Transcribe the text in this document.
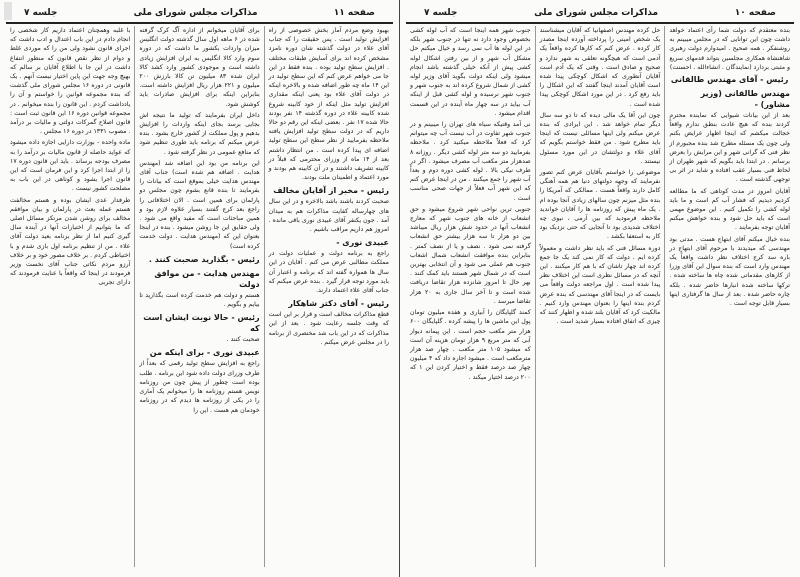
صفحه ۱۱
مذاکرات مجلس شورای ملی
جلسه ۷

بهبود وضع مردم آمار بخش خصوصی از راه افزایش تولید است . پس حقیقت را که جناب آقای علاء در دولت گذشته شان دوره نامزد مشخص کرده اند برای آسایش طبقات مختلف . افزایش سطح تولید بوده . بنده فقط در این جا می خواهم عرض کنم که این سطح تولید در این ۱۴ ماه چه طور اضافه شده و بالاخره اینکه در دولت آقای علاء بود یعنی اینکه مقداری افزایش تولید مثل اینکه از خود کابینه شروع شده کابینه علاء در دوره گذشته ۱۴ نفر بودند حالا شده ۱۷ نفر . بعضی اینکه این رقم دو حالا داریم که در دولت سطح تولید افزایش یافته ملاحظه بفرمایید از نظر سطح این سطح تولید اضافه ای پیدا کرده است . من انتظار داشتم بعد از ۱۴ ماه از وزرای محترمی که قبلاً در کابینه تشریف داشتند و در آن کابینه هم بودند و مورد اعتماد و اطمینان ملت بودند.

رئیس - مخبر از آقایان مخالف

صحبت کردند باشند باشد بالاخره و در این سال های چهارساله کفایت مذاکرات هم به میدان آمد . جون یکنفر آقای عبیدی نوری باقی مانده . امروز هم داریم مراقب باشیم .

عبیدی نوری -

راجع به برنامه دولت و عملیات دولت در مملکت مطالبی عرض می کنم . آقایان در این سال ها همواره گفته اند که برنامه و اعتبار آن باید مورد توجه قرار گیرد . بنده عرض میکنم که جناب آقای علاء اعتماد دارند.

رئیس - آقای دکتر شاهکار

قطع مذاکرات مخالف است و قرار بر این است که وقت جلسه رعایت شود . بعد از این مذاکرات که در این باب شد مختصری از برنامه را در مجلس عرض میکنم .

برای آقایان میخوانم از اداره آگ کرک گرفته شده در ۶ ماهه اول سال گذشته دولت انگلیس میزان واردات بکشور ما داشت که در دوره سوم وارد کالا انگلیس به ایران افزایش زیادی داشته است و موجودی کشور وارد کشد کالا ایران شده ۸۳ میلیون تن کالا بارزش ۲۰۰ میلیون و ۲۲۱ هزار ریال افزایش داشته است. بنابراین اینکه برای افزایش صادرات باید کوشش شود.

داخل ایران بفرمایند که تولید ما نتیجه اش بجایی برسد بجای اینکه واردات را افزایش بدهیم و پول مملکت از کشور خارج بشود . بنده عرض میکنم که برنامه باید طوری تنظیم شود که منافع عمومی در نظر گرفته شود .

این برنامه من بود این اضافه شد (مهندس هدایت . اضافه هم شده است) جناب آقای مهندس هدایت خیلی بموقع است که بیانات را بفرمایند تا بنده قانع بشوم چون مجلس دو پارلمان برای همین است . الان اختلافاتی را راجع بعد کرج گفتند بسیار علاوه لازم بود و همین مباحثات است که مفید واقع می شود . ولی حقایق این جا روشن میشود . بنده در اینجا بعنوان این که (مهندس هدایت . دولت خدمت کرده است)

رئیس - بگذارید صحبت کنند .
مهندس هدایت - من موافق دولت

هستم و دولت هم خدمت کرده است بگذارید تا بیایم و بگویم .

رئیس - حالا نوبت ایشان است که

صحبت کنند .

عبیدی نوری - برای اینکه من

راجع به افزایش سطح تولید رقمی که بعداً از طرف وزرای دولت داده شود این برنامه . طلب بوده است چطور از پیش چون من روزنامه نویس هستم روزنامه ها را میخوانم یک آماری را در یکی از روزنامه ها دیدم که در روزنامه خودمان هم هست . این را

با غلبه وهمچنان اعتماد داریم کار شخصی را انجام دادم در این باب اعتدال و ادب داشت که اجرای قانون نشود ولی من را که موردی غلط و دوام از نظر نقص قانون که منظور انتفاع داشت در این جا با اطلاع آقایان بر سالم که بهیچ وجه جهت این پاین اختیار نیست آنهم . یک قانونی در دوره ۱۶ مجلس شورای ملی گذشت که بنده مجموعه قوانین را خواستم و آن را یادداشت کردم . این قانون را بنده میخوانم . در مجموعه قوانین دوره ۱۶ این قانون ثبت است : قانون اصلاح گمرکات دولتی و مالیات بر درآمد . مصوب ۱۳۳۱ در دوره ۱۶ مجلس .

ماده واحده - بوزارت دارایی اجازه داده میشود که عواید حاصله از قانون مالیات بر درآمد را به مصرف بودجه برساند . باید این قانون دوره ۱۷ را از ابتدا اجرا کرد و این فرمان است که این قانون اجرا بشود و کوتاهی در این باب به مصلحت کشور نیست .

طرفدار عدی ایشان بوده و هستم مخالفت هستم عمله بعث در پارلمان و بیان موافقم مخالف برای روشن شدن مرتکز مسائل اصلی که ما بتوانیم از اختیارات آنها در آینده سال گیری کنیم اما از نظر برنامه بعید دولت آقای علاء . من از تنظیم برنامه اول بازی شدم و با اختیاطی کردم . بر خلاف مصور خود و بر خلاف آرزو مردم نکاتی جناب آقای نخست وزیر فرمودند در اینجا که واقعاً با عنایت فرمودند که دارای تجربی

صفحه ۱۰
مذاکرات مجلس شورای ملی
جلسه ۷

بنده معتقدم که دولت شما رأی اعتماد خواهد داشت چون این توانایی که در مجلس میبینم به روشنفکر . همه صحیح . امیدوارم دولت رهبری شاهنشاه همکاری مجلسین بتواند قدمهای سریع و مثبتی بردارد (نمایندگان . انشاءالله . احسنت)

رئیس - آقای مهندس طالقانی
مهندس طالقانی (وزیر مشاور) -

بعد از این بیانات شیوایی که نماینده محترم کردند بنده که هیچ عادت بنطق ندارم واقعاً خجالت میکشم که اینجا اظهار عرایض بکنم ولی چون یک مسئله مطرح شد بنده مجبورم از نظر فنی که گرانی شهر و این مرایش را بعرض برسانم . در ابتدا باید بگویم که شهر طهران از لحاظ فنی بسیار عقب افتاده و شاید در اثر بی توجهی گذشته است .

آقایان امروز در مدت کوتاهی که ما مطالعه کردیم دیدیم که فشار آب کم است و ما باید لوله کشی را تکمیل کنیم . این موضوع مهمی است که باید حل شود و بنده خواهش میکنم آقایان توجه بفرمایند .

بنده خیال میکنم آقای ابتهاج هست . مدتی بود مهندسی که میدیدند با مرحوم آقای ابتهاج در باره سد کرج اختلاف نظر داشت واقعاً یک مهندس وارد است که بنده سوال این آقای وزرا از کارهای مقدماتی شده چاه ها ساخته شده . ترکها ساخته شده انبارها حاضر شده . بلکه چاره حاضر شده . بعد از سال ها گرفتاری اینها بسیار قابل توجه است .

حل کرده مهندس اصفهانیا که آقایان میشناسند یک شخص امینی را پرداخته آورده اینجا مصدر کار کرده . عرض کنم که کارها کرده واقعاً یک آدمی است که هیچگونه تعلقی به شهر ندارد و صحیح و صادق است . وقتی که یک آدم است آقایان آنطوری که اشکال کوچکی پیدا شده است آقایان آمدند اینجا گفتند که این اشکال را باید رفع کرد . در این مورد اشکال کوچکی پیدا شده است .

چون این آقا یک مالی دیده که تا دو سه سال دیگر تمام خواهد شد . این ایرادی که بنده عرض میکنم ولی اینها مسائلی نیست که اینجا باید مطرح شود . من فقط خواستم بگویم که آقای علاء و دولتشان در این مورد مسئول نیستند .

موضوعی را خواستم بآقایان عرض کنم تصور نفرمایند که وجهه دولتهای دنیا هم همه آهنگی کامل دارند واقعاً هست . ممالکی که آمریکا را بنده مثل میزنم چون سالهای زیادی آنجا بوده ام . یک ماه پیش که روزنامه ها را آقایان خواندید ملاحظه فرمودید که بین آرمی ، نیوی چه اختلاف شدیدی بود تا آنجایی که حتی نزدیک بود کار به استعفا بکشد .

دوره مسائل فنی که باید نظر داشت و معمولاً کرده ایم . دولت که کار نمی کند یک جا جمع کرده اند چهار تاشان که با هم کار میکنند . این آنچه که در مسائل نظری است این اختلاف نظر پیدا شده است . اول مراجعه دولت واقعاً می بایست که در اینجا آقای مهندسی که بنده عرض کردم بنده اینها را بعنوان مهندس وارد کنیم . مالکیت کرد که آقایان بلند شده و اظهار کنند که چیزی که اتفاق افتاده بسیار شدید است .

جنوب شهر همه اینجا است که آب لوله کشی بخصوص وجود دارد نه تنها در جنوب شهر بلکه در این لوله ها آب نمی رسد و خیال میکنم حل مشکل آب شهر و از بین رفتن اشکال لوله کشی پیش از آنکه خیلی گذشته باشد انجام میشود ولی اینکه دولت بگوید آقای وزیر لوله کشی از شمال شروع کرده اند به جنوب شهر و جنوب شهر نرسیده و لوله کشی قبل از اینکه آب بیاید در سه چهار ماه آینده در این قسمت اقدام میشود .

نی آمد وقتیکه سیاه های تهران را میبینم و در جنوب شهر تفاوت در آب نیست آب چه میتوانم کرد که فعلاً ملاحظه میکنید کرد . ملاحظه بفرمایید دو سه متر لوله کشی دیگر . روزانه ۸ صدهزار متر مکعب آب مصرف میشود . اگر در طرف نیکی بالا . لوله کشی دوره دوم و بعداً آب شهر را جمع میکنند . من در اینجا عرض کنم که این شهر آب فعلاً از جهات صحی مناسب است .

جنوبی ترین نواحی شهر شروع میشود و حق انشعاب از خانه های جنوب شهر که معارج انشعاب آنها در حدود شش هزار ریال میباشد بین دو هزار تا سه هزار بیشتر حق انشعاب گرفته نمی شود . نصف و یا از نصف کمتر . بنابراین بنده موافقت انشعاب شمال اشعاب جنوب هم عملی می شود و آن انتخابی بهترین است که در شمال شهر هستند باید کمک کنند . بهر حال تا امروز شانزده هزار تقاضا دریافت شده است و تا آخر سال جاری به ۲۰ هزار تقاضا میرسد .

کمند گلپایگان را آبیاری و هفده میلیون تومان پول این ماشین ها را پیشه کرده . گلپایگان ۶۰۰ هزار متر مکعب حجم است . این پیمانه دیوار آبی که متر مربع ۹ هزار تومان هزینه آن است که میشود ۱۰۵ متر مکعب . چهار صد هزار مترمکعب است . میشود اجاره داد که ۴ میلیون چهار صد درصد فقط و اختیار کردن این ۱ که ۲۰۰ درصد اختیار میکند .
